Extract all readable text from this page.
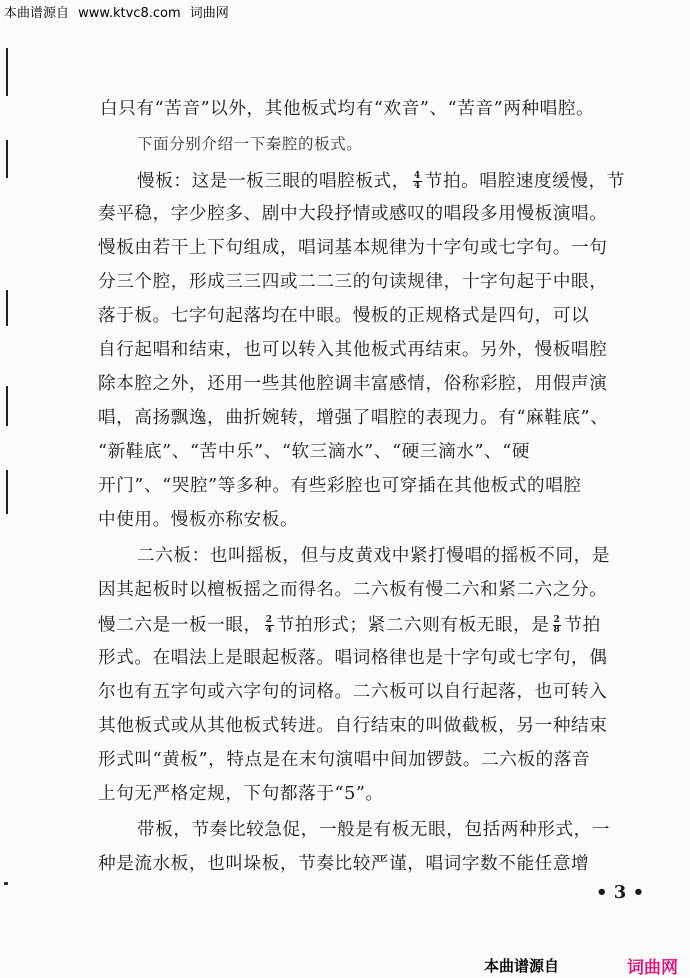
本曲谱源自 www.ktvc8.com 词曲网
白只有“苦音”以外，其他板式均有“欢音”、“苦音”两种唱腔。
下面分别介绍一下秦腔的板式。
慢板：这是一板三眼的唱腔板式， $\frac{4}{4}$ 节拍。唱腔速度缓慢，节
奏平稳，字少腔多、剧中大段抒情或感叹的唱段多用慢板演唱。
慢板由若干上下句组成，唱词基本规律为十字句或七字句。一句
分三个腔，形成三三四或二二三的句读规律，十字句起于中眼，
落于板。七字句起落均在中眼。慢板的正规格式是四句，可以
自行起唱和结束，也可以转入其他板式再结束。另外，慢板唱腔
除本腔之外，还用一些其他腔调丰富感情，俗称彩腔，用假声演
唱，高扬飘逸，曲折婉转，增强了唱腔的表现力。有“麻鞋底”、
“新鞋底”、“苦中乐”、“软三滴水”、“硬三滴水”、“硬
开门”、“哭腔”等多种。有些彩腔也可穿插在其他板式的唱腔
中使用。慢板亦称安板。
二六板：也叫摇板，但与皮黄戏中紧打慢唱的摇板不同，是
因其起板时以檀板摇之而得名。二六板有慢二六和紧二六之分。
慢二六是一板一眼， $\frac{2}{4}$ 节拍形式；紧二六则有板无眼，是 $\frac{2}{8}$ 节拍
形式。在唱法上是眼起板落。唱词格律也是十字句或七字句，偶
尔也有五字句或六字句的词格。二六板可以自行起落，也可转入
其他板式或从其他板式转进。自行结束的叫做截板，另一种结束
形式叫“黄板”，特点是在末句演唱中间加锣鼓。二六板的落音
上句无严格定规，下句都落于“5”。
带板，节奏比较急促，一般是有板无眼，包括两种形式，一
种是流水板，也叫垛板，节奏比较严谨，唱词字数不能任意增
• 3 •
本曲谱源自	词曲网
